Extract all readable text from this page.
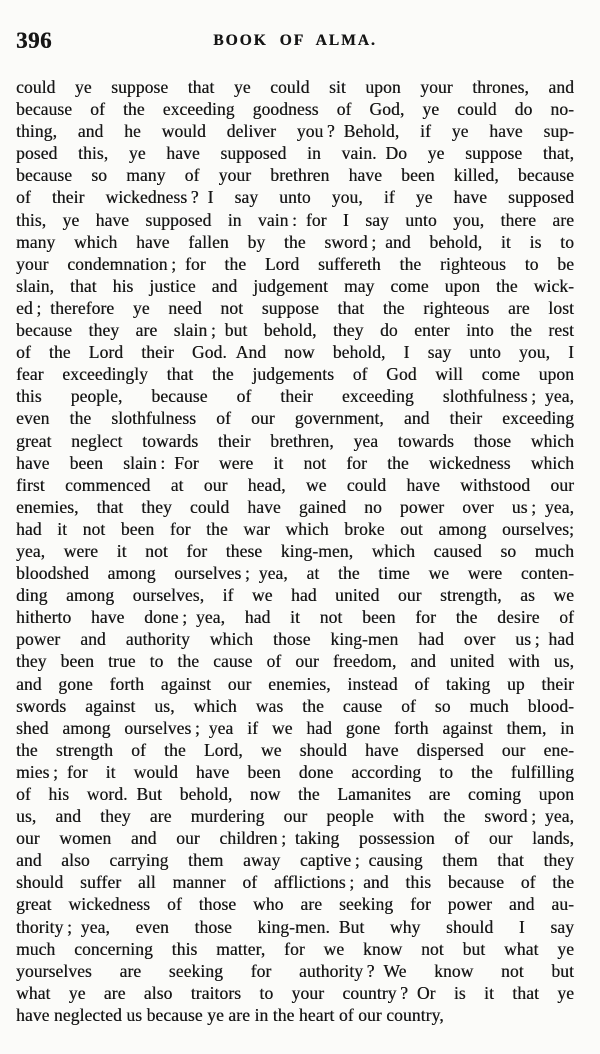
396	BOOK OF ALMA.
could ye suppose that ye could sit upon your thrones, and
because of the exceeding goodness of God, ye could do no-
thing, and he would deliver you ? Behold, if ye have sup-
posed this, ye have supposed in vain. Do ye suppose that,
because so many of your brethren have been killed, because
of their wickedness ? I say unto you, if ye have supposed
this, ye have supposed in vain : for I say unto you, there are
many which have fallen by the sword ; and behold, it is to
your condemnation ; for the Lord suffereth the righteous to be
slain, that his justice and judgement may come upon the wick-
ed ; therefore ye need not suppose that the righteous are lost
because they are slain ; but behold, they do enter into the rest
of the Lord their God. And now behold, I say unto you, I
fear exceedingly that the judgements of God will come upon
this people, because of their exceeding slothfulness ; yea,
even the slothfulness of our government, and their exceeding
great neglect towards their brethren, yea towards those which
have been slain : For were it not for the wickedness which
first commenced at our head, we could have withstood our
enemies, that they could have gained no power over us ; yea,
had it not been for the war which broke out among ourselves;
yea, were it not for these king-men, which caused so much
bloodshed among ourselves ; yea, at the time we were conten-
ding among ourselves, if we had united our strength, as we
hitherto have done ; yea, had it not been for the desire of
power and authority which those king-men had over us ; had
they been true to the cause of our freedom, and united with us,
and gone forth against our enemies, instead of taking up their
swords against us, which was the cause of so much blood-
shed among ourselves ; yea if we had gone forth against them, in
the strength of the Lord, we should have dispersed our ene-
mies ; for it would have been done according to the fulfilling
of his word. But behold, now the Lamanites are coming upon
us, and they are murdering our people with the sword ; yea,
our women and our children ; taking possession of our lands,
and also carrying them away captive ; causing them that they
should suffer all manner of afflictions ; and this because of the
great wickedness of those who are seeking for power and au-
thority ; yea, even those king-men. But why should I say
much concerning this matter, for we know not but what ye
yourselves are seeking for authority ? We know not but
what ye are also traitors to your country ? Or is it that ye
have neglected us because ye are in the heart of our country,
